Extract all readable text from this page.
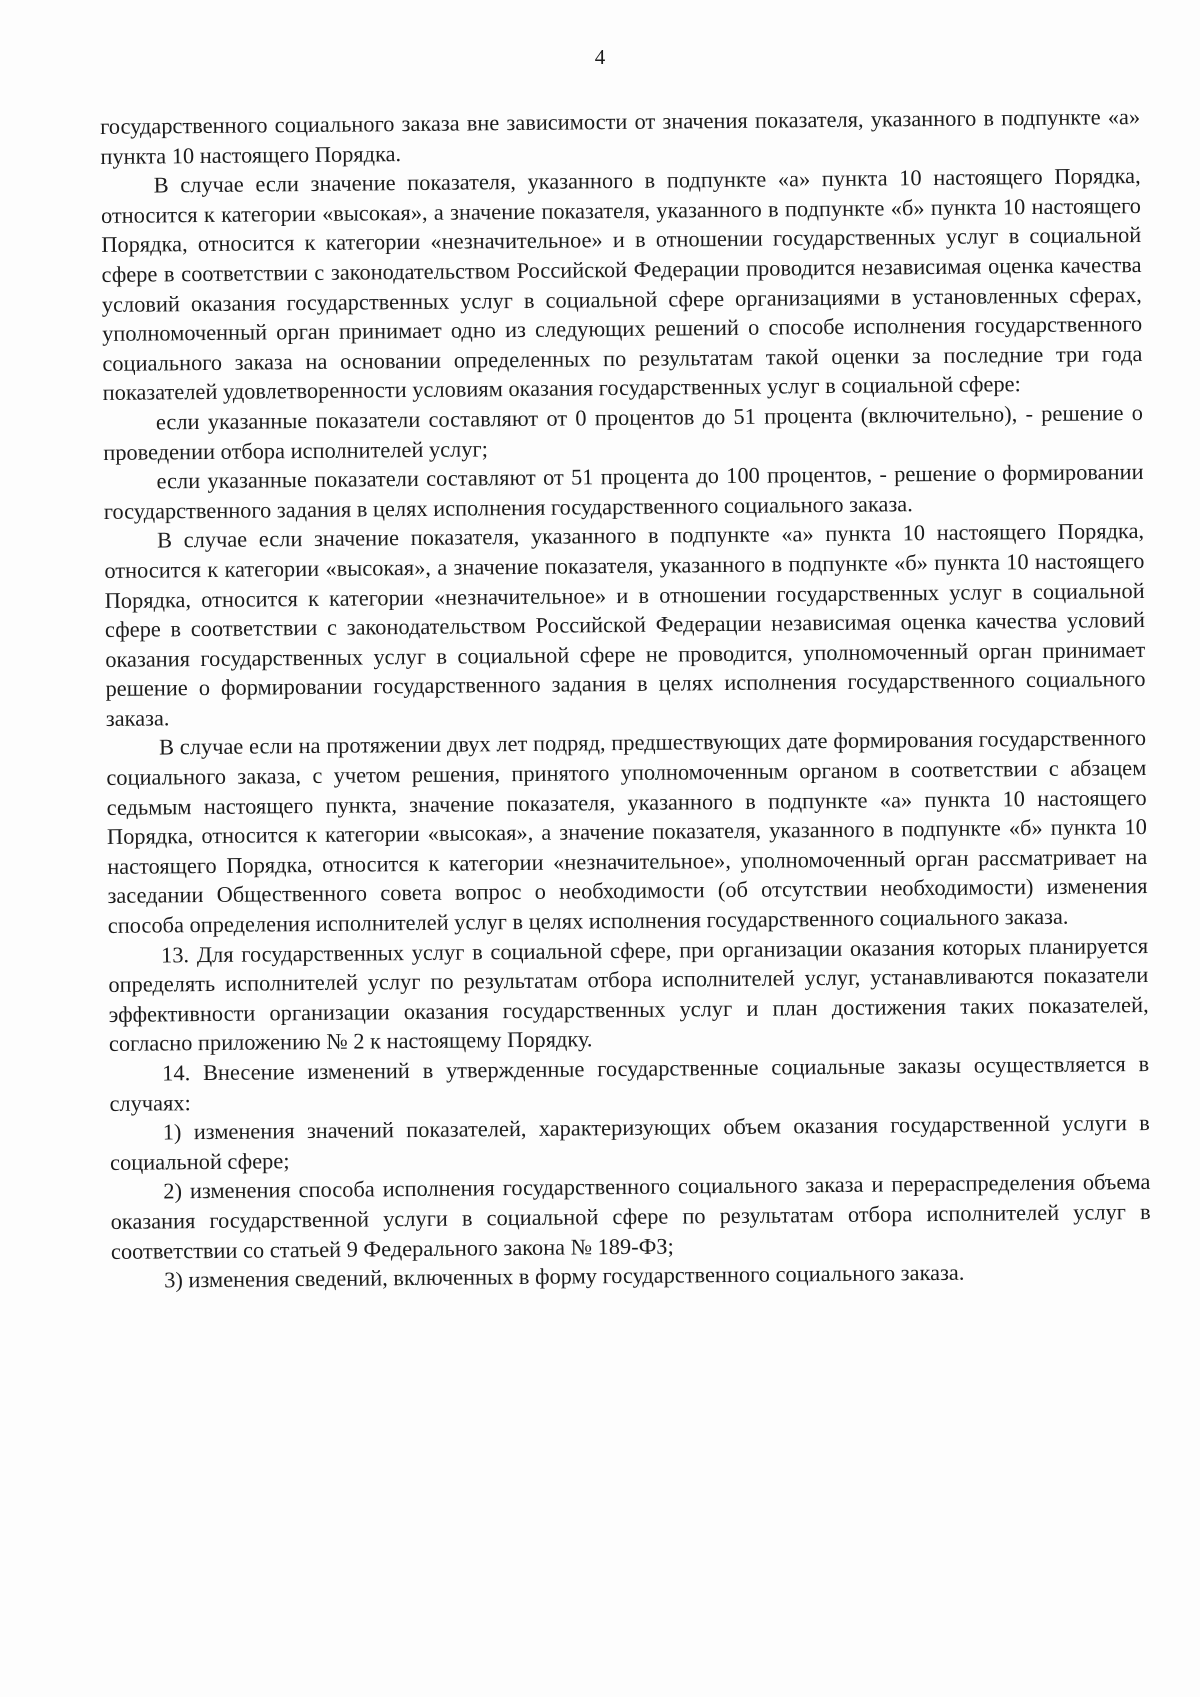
4

государственного социального заказа вне зависимости от значения показателя, указанного в подпункте «а» пункта 10 настоящего Порядка.

В случае если значение показателя, указанного в подпункте «а» пункта 10 настоящего Порядка, относится к категории «высокая», а значение показателя, указанного в подпункте «б» пункта 10 настоящего Порядка, относится к категории «незначительное» и в отношении государственных услуг в социальной сфере в соответствии с законодательством Российской Федерации проводится независимая оценка качества условий оказания государственных услуг в социальной сфере организациями в установленных сферах, уполномоченный орган принимает одно из следующих решений о способе исполнения государственного социального заказа на основании определенных по результатам такой оценки за последние три года показателей удовлетворенности условиям оказания государственных услуг в социальной сфере:

если указанные показатели составляют от 0 процентов до 51 процента (включительно), - решение о проведении отбора исполнителей услуг;

если указанные показатели составляют от 51 процента до 100 процентов, - решение о формировании государственного задания в целях исполнения государственного социального заказа.

В случае если значение показателя, указанного в подпункте «а» пункта 10 настоящего Порядка, относится к категории «высокая», а значение показателя, указанного в подпункте «б» пункта 10 настоящего Порядка, относится к категории «незначительное» и в отношении государственных услуг в социальной сфере в соответствии с законодательством Российской Федерации независимая оценка качества условий оказания государственных услуг в социальной сфере не проводится, уполномоченный орган принимает решение о формировании государственного задания в целях исполнения государственного социального заказа.

В случае если на протяжении двух лет подряд, предшествующих дате формирования государственного социального заказа, с учетом решения, принятого уполномоченным органом в соответствии с абзацем седьмым настоящего пункта, значение показателя, указанного в подпункте «а» пункта 10 настоящего Порядка, относится к категории «высокая», а значение показателя, указанного в подпункте «б» пункта 10 настоящего Порядка, относится к категории «незначительное», уполномоченный орган рассматривает на заседании Общественного совета вопрос о необходимости (об отсутствии необходимости) изменения способа определения исполнителей услуг в целях исполнения государственного социального заказа.

13. Для государственных услуг в социальной сфере, при организации оказания которых планируется определять исполнителей услуг по результатам отбора исполнителей услуг, устанавливаются показатели эффективности организации оказания государственных услуг и план достижения таких показателей, согласно приложению № 2 к настоящему Порядку.

14. Внесение изменений в утвержденные государственные социальные заказы осуществляется в случаях:

1) изменения значений показателей, характеризующих объем оказания государственной услуги в социальной сфере;

2) изменения способа исполнения государственного социального заказа и перераспределения объема оказания государственной услуги в социальной сфере по результатам отбора исполнителей услуг в соответствии со статьей 9 Федерального закона № 189-ФЗ;

3) изменения сведений, включенных в форму государственного социального заказа.
